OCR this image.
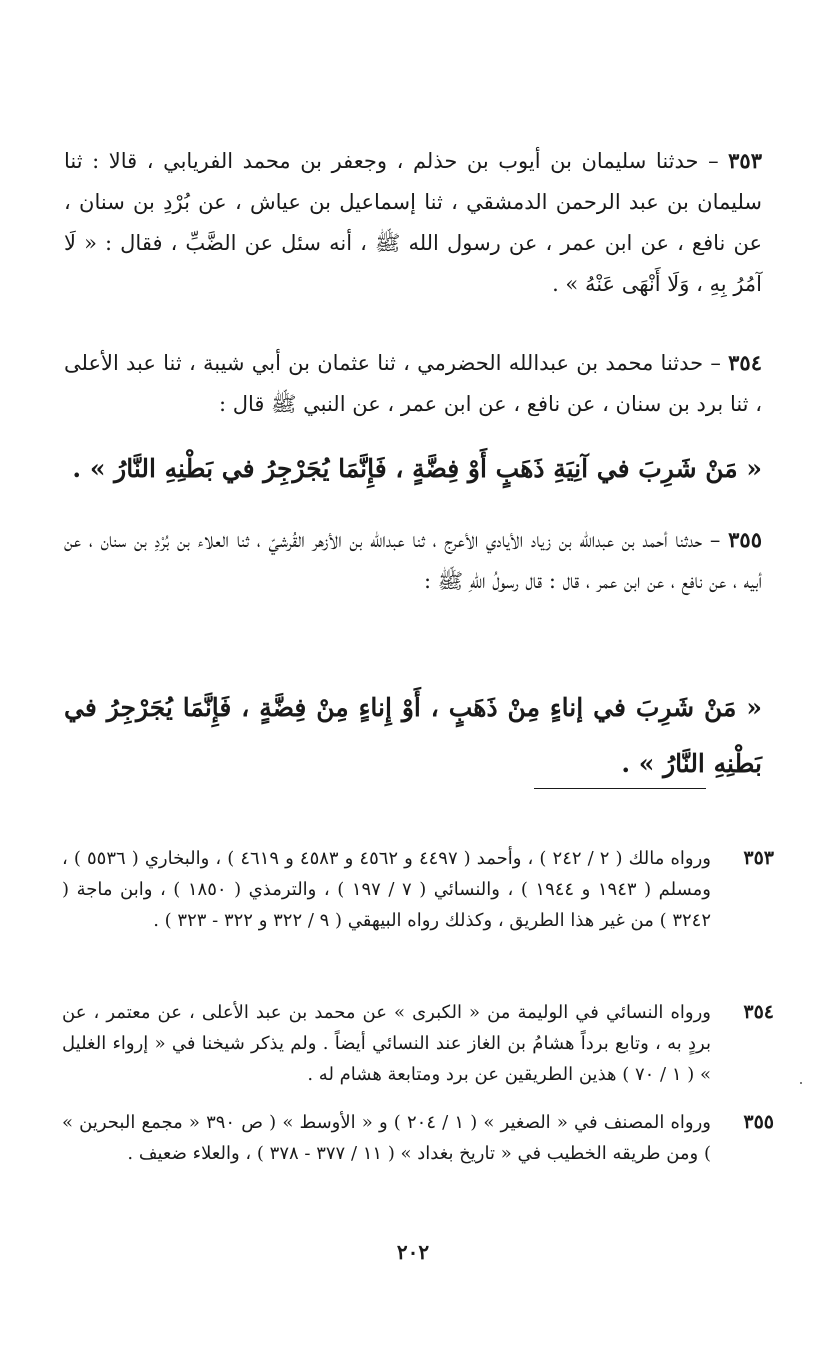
٣٥٣ – حدثنا سليمان بن أيوب بن حذلم ، وجعفر بن محمد الفريابي ، قالا : ثنا سليمان بن عبد الرحمن الدمشقي ، ثنا إسماعيل بن عياش ، عن بُرْدِ بن سنان ، عن نافع ، عن ابن عمر ، عن رسول الله ﷺ ، أنه سئل عن الضَّبِّ ، فقال : « لَا آمُرُ بِهِ ، وَلَا أَنْهَى عَنْهُ » .
٣٥٤ – حدثنا محمد بن عبدالله الحضرمي ، ثنا عثمان بن أبي شيبة ، ثنا عبد الأعلى ، ثنا برد بن سنان ، عن نافع ، عن ابن عمر ، عن النبي ﷺ قال :
« مَنْ شَرِبَ في آنِيَةِ ذَهَبٍ أَوْ فِضَّةٍ ، فَإِنَّمَا يُجَرْجِرُ في بَطْنِهِ النَّارُ » .
٣٥٥ – حدثنا أحمد بن عبدالله بن زياد الأيادي الأعرج ، ثنا عبدالله بن الأزهر القُرشيّ ، ثنا العلاء بن بُرْدِ بن سنان ، عن أبيه ، عن نافع ، عن ابن عمر ، قال : قال رسولُ اللهِ ﷺ :
« مَنْ شَرِبَ في إناءٍ مِنْ ذَهَبٍ ، أَوْ إِناءٍ مِنْ فِضَّةٍ ، فَإِنَّمَا يُجَرْجِرُ في بَطْنِهِ النَّارُ » .
٣٥٣
ورواه مالك ( ٢ / ٢٤٢ ) ، وأحمد ( ٤٤٩٧ و ٤٥٦٢ و ٤٥٨٣ و ٤٦١٩ ) ، والبخاري ( ٥٥٣٦ ) ، ومسلم ( ١٩٤٣ و ١٩٤٤ ) ، والنسائي ( ٧ / ١٩٧ ) ، والترمذي ( ١٨٥٠ ) ، وابن ماجة ( ٣٢٤٢ ) من غير هذا الطريق ، وكذلك رواه البيهقي ( ٩ / ٣٢٢ و ٣٢٢ - ٣٢٣ ) .
٣٥٤
ورواه النسائي في الوليمة من « الكبرى » عن محمد بن عبد الأعلى ، عن معتمر ، عن بردٍ به ، وتابع برداً هشامُ بن الغاز عند النسائي أيضاً . ولم يذكر شيخنا في « إرواء الغليل » ( ١ / ٧٠ ) هذين الطريقين عن برد ومتابعة هشام له .
٣٥٥
ورواه المصنف في « الصغير » ( ١ / ٢٠٤ ) و « الأوسط » ( ص ٣٩٠ « مجمع البحرين » ) ومن طريقه الخطيب في « تاريخ بغداد » ( ١١ / ٣٧٧ - ٣٧٨ ) ، والعلاء ضعيف .
٢٠٢
